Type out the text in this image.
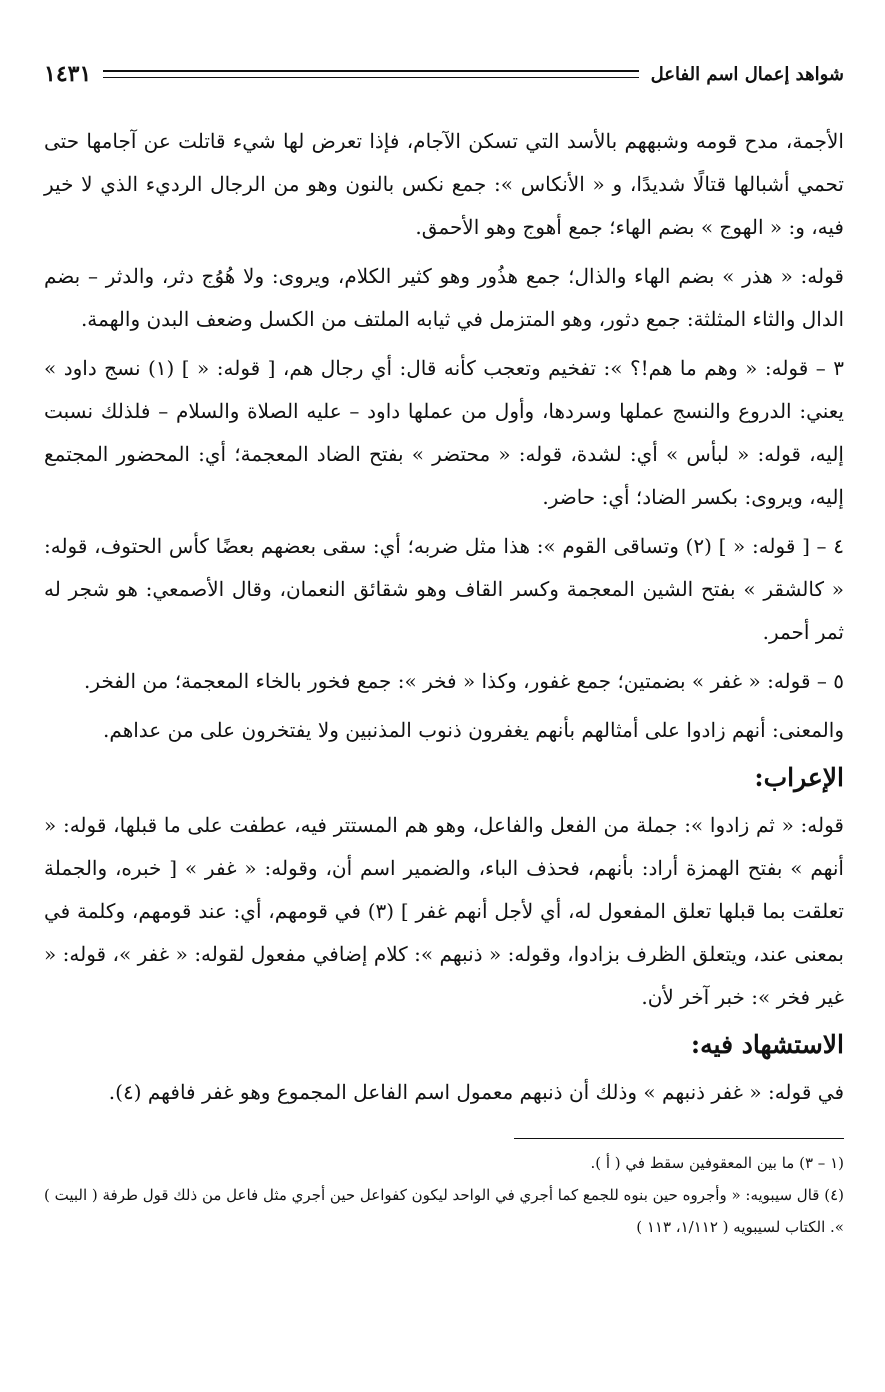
شواهد إعمال اسم الفاعل
١٤٣١

الأجمة، مدح قومه وشبههم بالأسد التي تسكن الآجام، فإذا تعرض لها شيء قاتلت عن آجامها حتى تحمي أشبالها قتالًا شديدًا، و « الأنكاس »: جمع نكس بالنون وهو من الرجال الرديء الذي لا خير فيه، و: « الهوج » بضم الهاء؛ جمع أهوج وهو الأحمق.

قوله: « هذر » بضم الهاء والذال؛ جمع هذُور وهو كثير الكلام، ويروى: ولا هُوُج دثر، والدثر – بضم الدال والثاء المثلثة: جمع دثور، وهو المتزمل في ثيابه الملتف من الكسل وضعف البدن والهمة.

٣ – قوله: « وهم ما هم!؟ »: تفخيم وتعجب كأنه قال: أي رجال هم، [ قوله: « ] (١) نسج داود » يعني: الدروع والنسج عملها وسردها، وأول من عملها داود – عليه الصلاة والسلام – فلذلك نسبت إليه، قوله: « لبأس » أي: لشدة، قوله: « محتضر » بفتح الضاد المعجمة؛ أي: المحضور المجتمع إليه، ويروى: بكسر الضاد؛ أي: حاضر.

٤ – [ قوله: « ] (٢) وتساقى القوم »: هذا مثل ضربه؛ أي: سقى بعضهم بعضًا كأس الحتوف، قوله: « كالشقر » بفتح الشين المعجمة وكسر القاف وهو شقائق النعمان، وقال الأصمعي: هو شجر له ثمر أحمر.

٥ – قوله: « غفر » بضمتين؛ جمع غفور، وكذا « فخر »: جمع فخور بالخاء المعجمة؛ من الفخر.

والمعنى: أنهم زادوا على أمثالهم بأنهم يغفرون ذنوب المذنبين ولا يفتخرون على من عداهم.

الإعراب:

قوله: « ثم زادوا »: جملة من الفعل والفاعل، وهو هم المستتر فيه، عطفت على ما قبلها، قوله: « أنهم » بفتح الهمزة أراد: بأنهم، فحذف الباء، والضمير اسم أن، وقوله: « غفر » [ خبره، والجملة تعلقت بما قبلها تعلق المفعول له، أي لأجل أنهم غفر ] (٣) في قومهم، أي: عند قومهم، وكلمة في بمعنى عند، ويتعلق الظرف بزادوا، وقوله: « ذنبهم »: كلام إضافي مفعول لقوله: « غفر »، قوله: « غير فخر »: خبر آخر لأن.

الاستشهاد فيه:

في قوله: « غفر ذنبهم » وذلك أن ذنبهم معمول اسم الفاعل المجموع وهو غفر فافهم (٤).

(١ – ٣) ما بين المعقوفين سقط في ( أ ).

(٤) قال سيبويه: « وأجروه حين بنوه للجمع كما أجري في الواحد ليكون كفواعل حين أجري مثل فاعل من ذلك قول طرفة ( البيت ) ». الكتاب لسيبويه ( ١/١١٢، ١١٣ )
